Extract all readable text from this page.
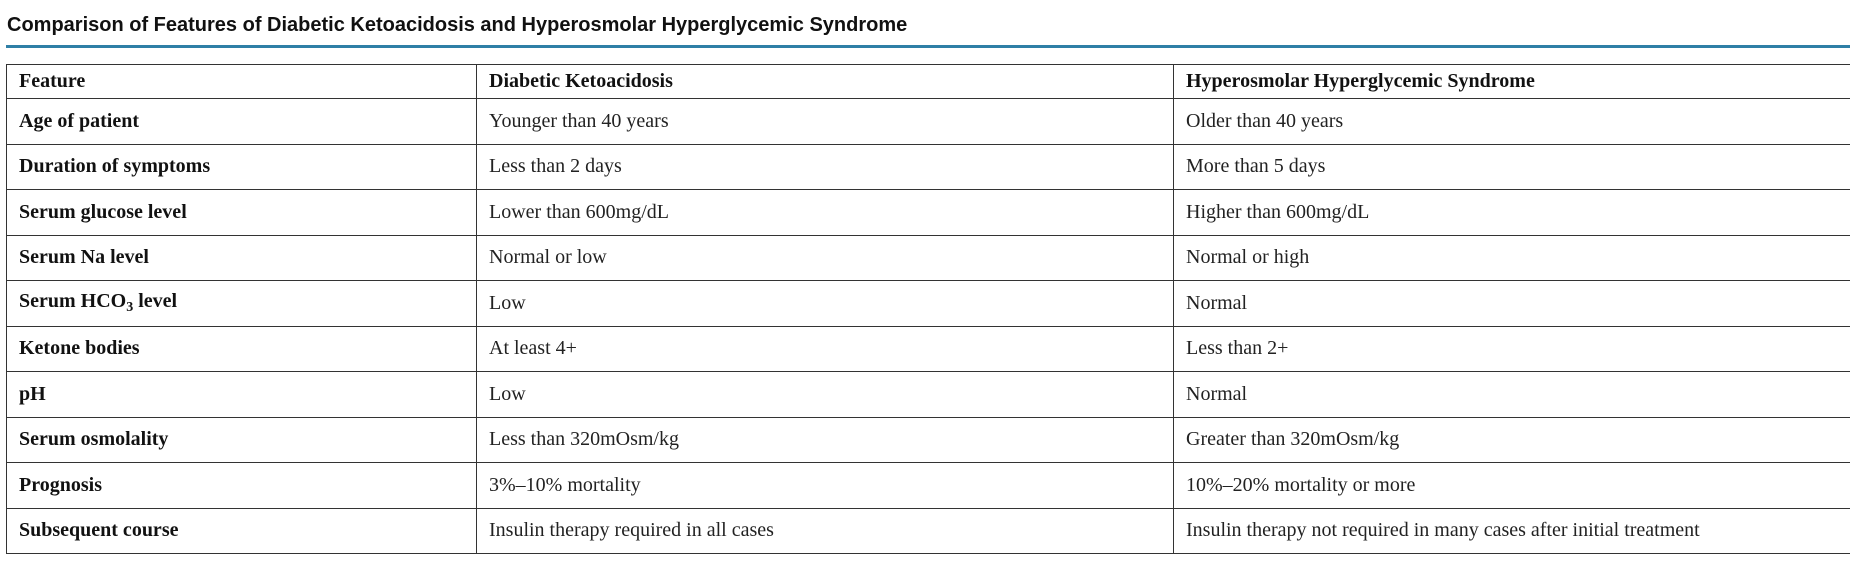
Comparison of Features of Diabetic Ketoacidosis and Hyperosmolar Hyperglycemic Syndrome
Feature	Diabetic Ketoacidosis	Hyperosmolar Hyperglycemic Syndrome
Age of patient	Younger than 40 years	Older than 40 years
Duration of symptoms	Less than 2 days	More than 5 days
Serum glucose level	Lower than 600mg/dL	Higher than 600mg/dL
Serum Na level	Normal or low	Normal or high
Serum $HCO_3$ level	Low	Normal
Ketone bodies	At least 4+	Less than 2+
pH	Low	Normal
Serum osmolality	Less than 320mOsm/kg	Greater than 320mOsm/kg
Prognosis	3%–10% mortality	10%–20% mortality or more
Subsequent course	Insulin therapy required in all cases	Insulin therapy not required in many cases after initial treatment
